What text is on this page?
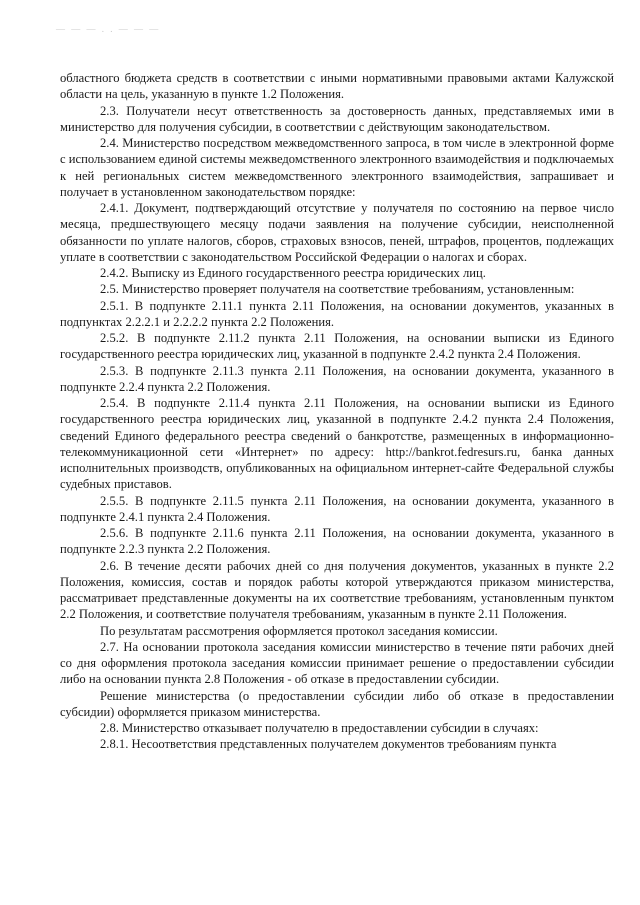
— — — . . — — —

областного бюджета средств в соответствии с иными нормативными правовыми актами Калужской области на цель, указанную в пункте 1.2 Положения.

2.3. Получатели несут ответственность за достоверность данных, представляемых ими в министерство для получения субсидии, в соответствии с действующим законодательством.

2.4. Министерство посредством межведомственного запроса, в том числе в электронной форме с использованием единой системы межведомственного электронного взаимодействия и подключаемых к ней региональных систем межведомственного электронного взаимодействия, запрашивает и получает в установленном законодательством порядке:

2.4.1. Документ, подтверждающий отсутствие у получателя по состоянию на первое число месяца, предшествующего месяцу подачи заявления на получение субсидии, неисполненной обязанности по уплате налогов, сборов, страховых взносов, пеней, штрафов, процентов, подлежащих уплате в соответствии с законодательством Российской Федерации о налогах и сборах.

2.4.2. Выписку из Единого государственного реестра юридических лиц.

2.5. Министерство проверяет получателя на соответствие требованиям, установленным:

2.5.1. В подпункте 2.11.1 пункта 2.11 Положения, на основании документов, указанных в подпунктах 2.2.2.1 и 2.2.2.2 пункта 2.2 Положения.

2.5.2. В подпункте 2.11.2 пункта 2.11 Положения, на основании выписки из Единого государственного реестра юридических лиц, указанной в подпункте 2.4.2 пункта 2.4 Положения.

2.5.3. В подпункте 2.11.3 пункта 2.11 Положения, на основании документа, указанного в подпункте 2.2.4 пункта 2.2 Положения.

2.5.4. В подпункте 2.11.4 пункта 2.11 Положения, на основании выписки из Единого государственного реестра юридических лиц, указанной в подпункте 2.4.2 пункта 2.4 Положения, сведений Единого федерального реестра сведений о банкротстве, размещенных в информационно-телекоммуникационной сети «Интернет» по адресу: http://bankrot.fedresurs.ru, банка данных исполнительных производств, опубликованных на официальном интернет-сайте Федеральной службы судебных приставов.

2.5.5. В подпункте 2.11.5 пункта 2.11 Положения, на основании документа, указанного в подпункте 2.4.1 пункта 2.4 Положения.

2.5.6. В подпункте 2.11.6 пункта 2.11 Положения, на основании документа, указанного в подпункте 2.2.3 пункта 2.2 Положения.

2.6. В течение десяти рабочих дней со дня получения документов, указанных в пункте 2.2 Положения, комиссия, состав и порядок работы которой утверждаются приказом министерства, рассматривает представленные документы на их соответствие требованиям, установленным пунктом 2.2 Положения, и соответствие получателя требованиям, указанным в пункте 2.11 Положения.

По результатам рассмотрения оформляется протокол заседания комиссии.

2.7. На основании протокола заседания комиссии министерство в течение пяти рабочих дней со дня оформления протокола заседания комиссии принимает решение о предоставлении субсидии либо на основании пункта 2.8 Положения - об отказе в предоставлении субсидии.

Решение министерства (о предоставлении субсидии либо об отказе в предоставлении субсидии) оформляется приказом министерства.

2.8. Министерство отказывает получателю в предоставлении субсидии в случаях:

2.8.1. Несоответствия представленных получателем документов требованиям пункта
